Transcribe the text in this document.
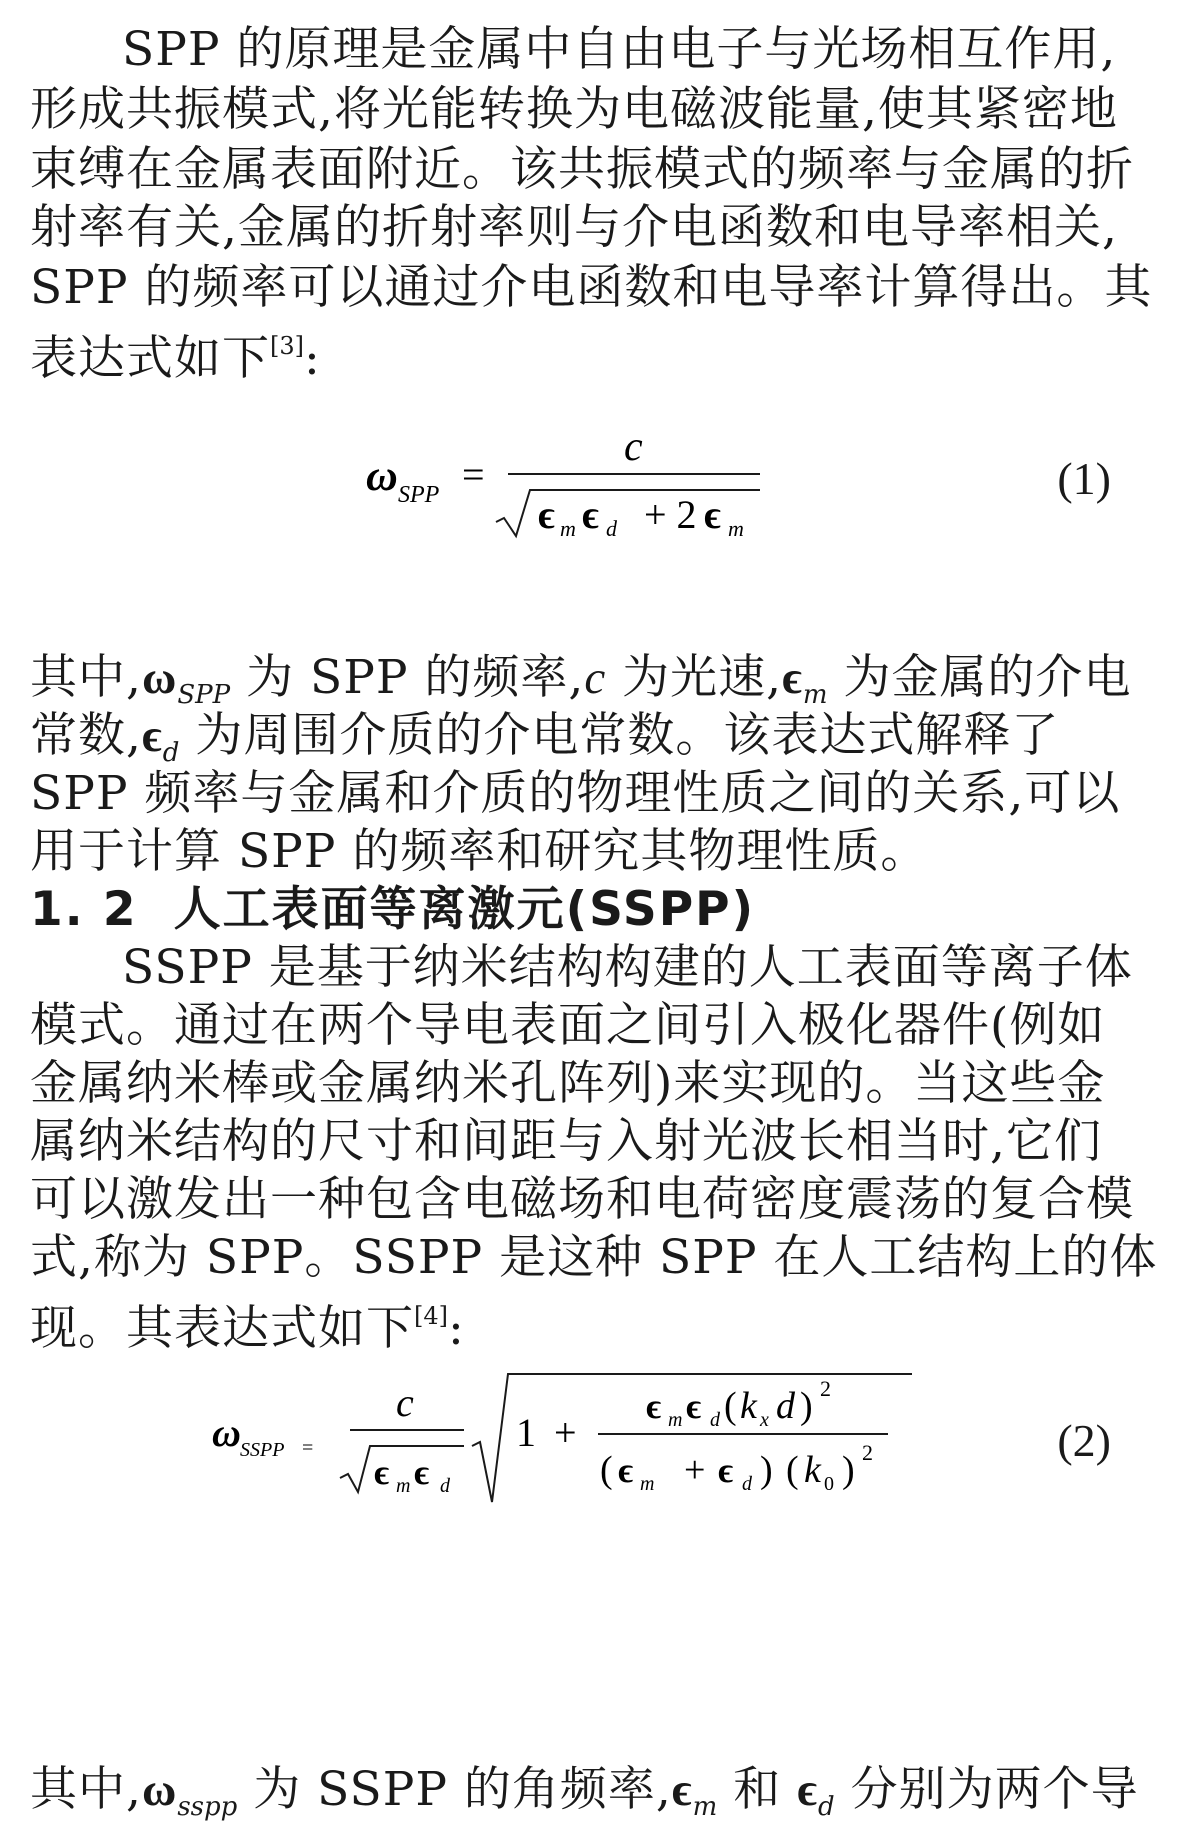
SPP 的原理是金属中自由电子与光场相互作用,
形成共振模式,将光能转换为电磁波能量,使其紧密地
束缚在金属表面附近。该共振模式的频率与金属的折
射率有关,金属的折射率则与介电函数和电导率相关,
SPP 的频率可以通过介电函数和电导率计算得出。其
表达式如下[3]:
ω SPP =
c
ϵ m ϵ d + 2 ϵ m
(1)
其中$,\omega_{SPP}$ 为 SPP 的频率,c 为光速$,\epsilon_m$ 为金属的介电
常数$,\epsilon_d$ 为周围介质的介电常数。该表达式解释了
SPP 频率与金属和介质的物理性质之间的关系,可以
用于计算 SPP 的频率和研究其物理性质。
1. 2 人工表面等离激元(SSPP)
SSPP 是基于纳米结构构建的人工表面等离子体
模式。通过在两个导电表面之间引入极化器件(例如
金属纳米棒或金属纳米孔阵列)来实现的。当这些金
属纳米结构的尺寸和间距与入射光波长相当时,它们
可以激发出一种包含电磁场和电荷密度震荡的复合模
式,称为 SPP。SSPP 是这种 SPP 在人工结构上的体
现。其表达式如下[4]:
ω SSPP =
c
ϵ m ϵ d
1 +
ϵ m ϵ d ( k x d ) 2
( ϵ m + ϵ d ) ( k 0 ) 2	(2)
其中$,\omega_{sspp}$ 为 SSPP 的角频率$,\epsilon_m$ 和 $\epsilon_d$ 分别为两个导
